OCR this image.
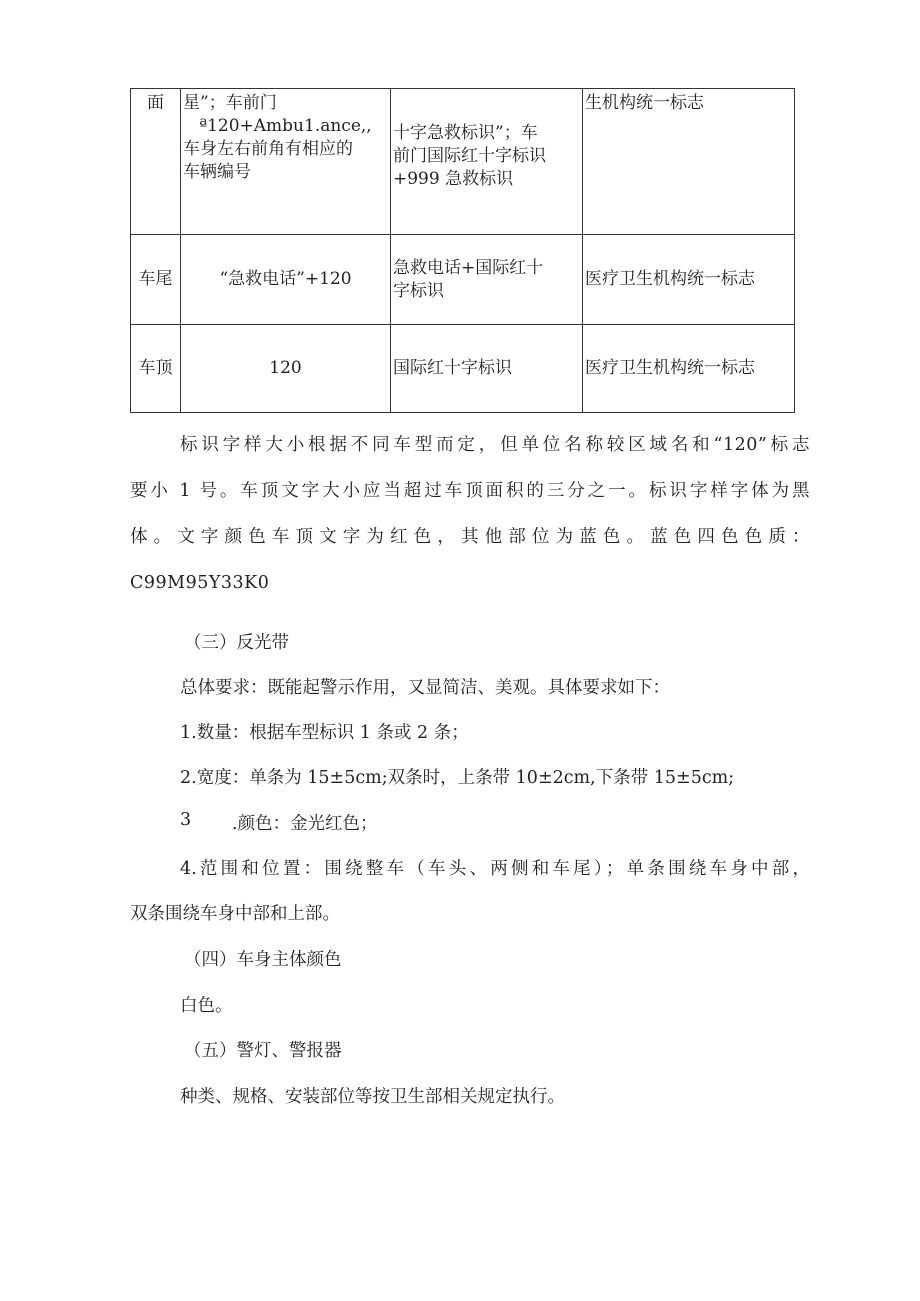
面	星”；车前门
ª120+Ambu1.ance,,
车身左右前角有相应的
车辆编号	十字急救标识”；车
前门国际红十字标识
+999 急救标识	生机构统一标志

车尾	“急救电话”+120	急救电话+国际红十
字标识	医疗卫生机构统一标志
车顶	120	国际红十字标识	医疗卫生机构统一标志

标识字样大小根据不同车型而定，但单位名称较区域名和“120”标志
要小 1 号。车顶文字大小应当超过车顶面积的三分之一。标识字样字体为黑
体。文字颜色车顶文字为红色，其他部位为蓝色。蓝色四色色质：
C99M95Y33K0

（三）反光带
总体要求：既能起警示作用，又显简洁、美观。具体要求如下：
1.数量：根据车型标识 1 条或 2 条；
2.宽度：单条为 15±5cm;双条时，上条带 10±2cm,下条带 15±5cm;
3 .颜色：金光红色；
4.范围和位置：围绕整车（车头、两侧和车尾）；单条围绕车身中部，
双条围绕车身中部和上部。
（四）车身主体颜色
白色。
（五）警灯、警报器
种类、规格、安装部位等按卫生部相关规定执行。
